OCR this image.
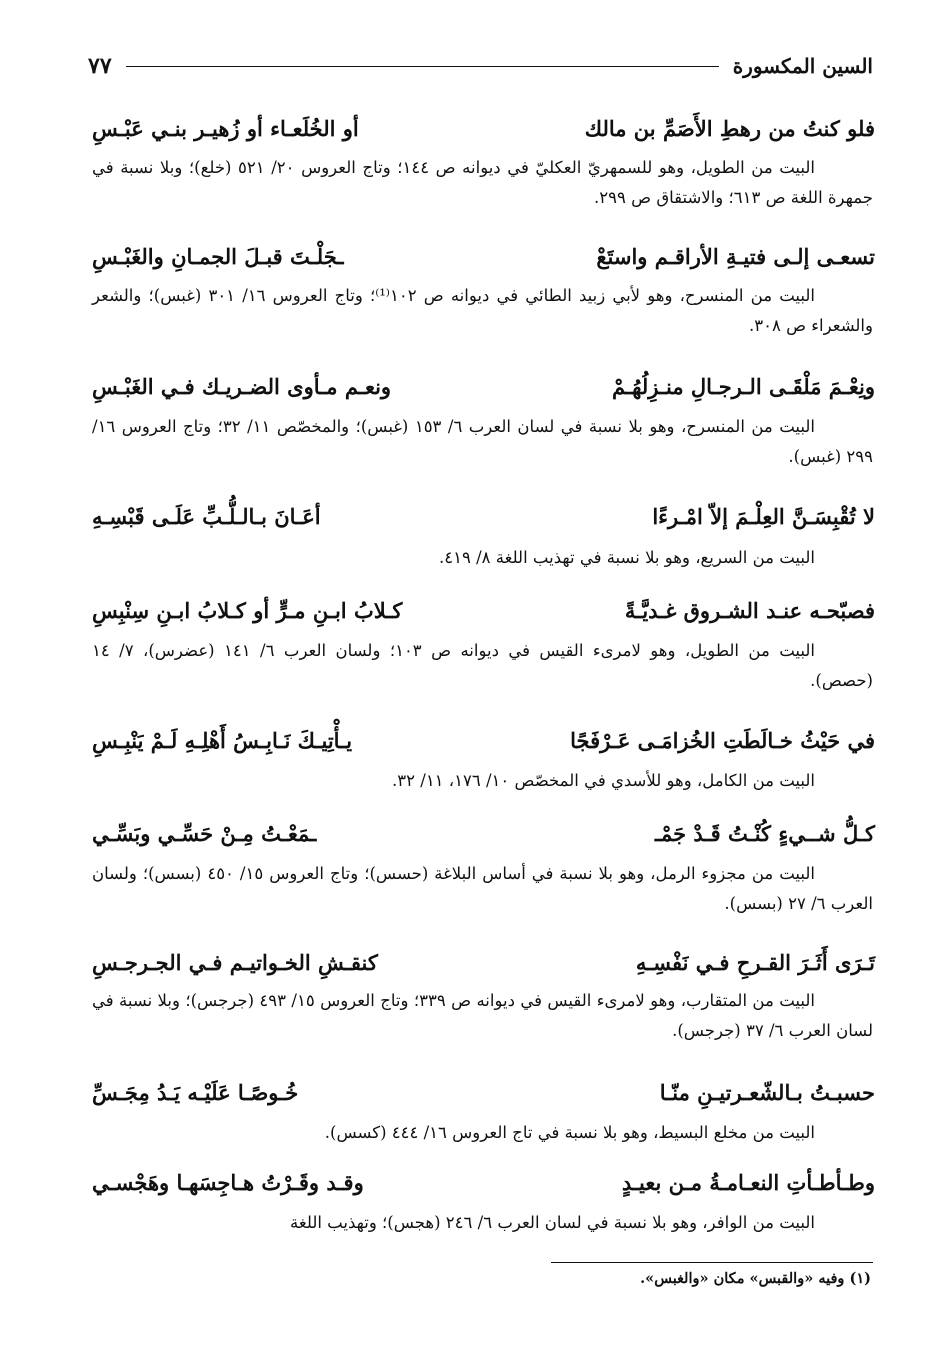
السين المكسورة
٧٧
فلو كنتُ من رهطِ الأَصَمِّ بن مالك
أو الخُلَعـاء أو زُهيـر بنـي عَبْـسِ
البيت من الطويل، وهو للسمهريّ العكليّ في ديوانه ص ١٤٤؛ وتاج العروس ٢٠/ ٥٢١ (خلع)؛ وبلا نسبة في جمهرة اللغة ص ٦١٣؛ والاشتقاق ص ٢٩٩.
تسعـى إلـى فتيـةِ الأراقـم واستَعْ
ـجَلْـتَ قبـلَ الجمـانِ والغَبْـسِ
البيت من المنسرح، وهو لأبي زبيد الطائي في ديوانه ص ١٠٢⁽¹⁾؛ وتاج العروس ١٦/ ٣٠١ (غبس)؛ والشعر والشعراء ص ٣٠٨.
ونِعْـمَ مَلْقَـى الـرجـالِ منـزِلُهُـمْ
ونعـم مـأوى الضـريـك فـي الغَبْـسِ
البيت من المنسرح، وهو بلا نسبة في لسان العرب ٦/ ١٥٣ (غبس)؛ والمخصّص ١١/ ٣٢؛ وتاج العروس ١٦/ ٢٩٩ (غبس).
لا تُقْبِسَـنَّ العِلْـمَ إلاّ امْـرءًا
أعَـانَ بـالـلُّـبِّ عَلَـى قَبْسِـهِ
البيت من السريع، وهو بلا نسبة في تهذيب اللغة ٨/ ٤١٩.
فصبّحـه عنـد الشـروق غـديَّـةً
كـلابُ ابـنِ مـرٍّ أو كـلابُ ابـنِ سِنْبِسِ
البيت من الطويل، وهو لامرىء القيس في ديوانه ص ١٠٣؛ ولسان العرب ٦/ ١٤١ (عضرس)، ٧/ ١٤ (حصص).
في حَيْثُ خـالَطَتِ الخُزامَـى عَـرْفَجًا
يـأْتِيـكَ نَـابِـسُ أَهْلِـهِ لَـمْ يَنْبِـسِ
البيت من الكامل، وهو للأسدي في المخصّص ١٠/ ١٧٦، ١١/ ٣٢.
كـلُّ شــيءٍ كُنْـتُ قَـدْ جَمْـ
ـمَعْـتُ مِـنْ حَسِّـي وبَسِّـي
البيت من مجزوء الرمل، وهو بلا نسبة في أساس البلاغة (حسس)؛ وتاج العروس ١٥/ ٤٥٠ (بسس)؛ ولسان العرب ٦/ ٢٧ (بسس).
تَـرَى أَثَـرَ القـرحِ فـي نَفْسِـهِ
كنقـشِ الخـواتيـم فـي الجـرجـسِ
البيت من المتقارب، وهو لامرىء القيس في ديوانه ص ٣٣٩؛ وتاج العروس ١٥/ ٤٩٣ (جرجس)؛ وبلا نسبة في لسان العرب ٦/ ٣٧ (جرجس).
حسبـتُ بـالشّعـرتيـنِ منّـا
خُـوصًـا عَلَيْـه يَـدُ مِجَـسِّ
البيت من مخلع البسيط، وهو بلا نسبة في تاج العروس ١٦/ ٤٤٤ (كسس).
وطـأطـأتِ النعـامـةُ مـن بعيـدٍ
وقـد وقَـرْتُ هـاجِسَهـا وهَجْسـي
البيت من الوافر، وهو بلا نسبة في لسان العرب ٦/ ٢٤٦ (هجس)؛ وتهذيب اللغة
(١) وفيه «والقبس» مكان «والغبس».
